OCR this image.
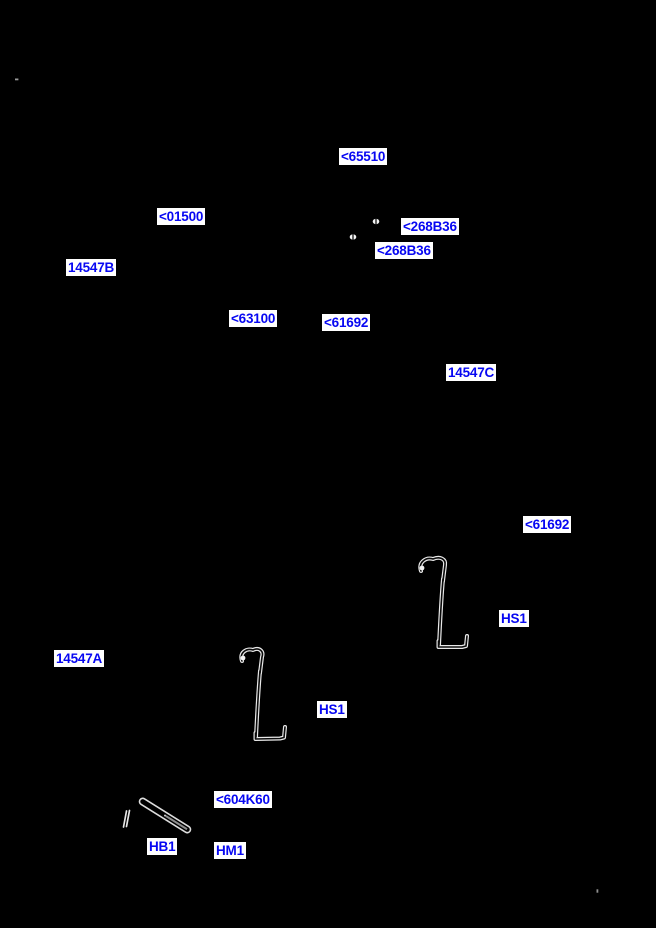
<65510
<01500
<268B36
<268B36
14547B
<63100	<61692
14547C
<61692
HS1
14547A
HS1
<604K60
HB1	HM1
